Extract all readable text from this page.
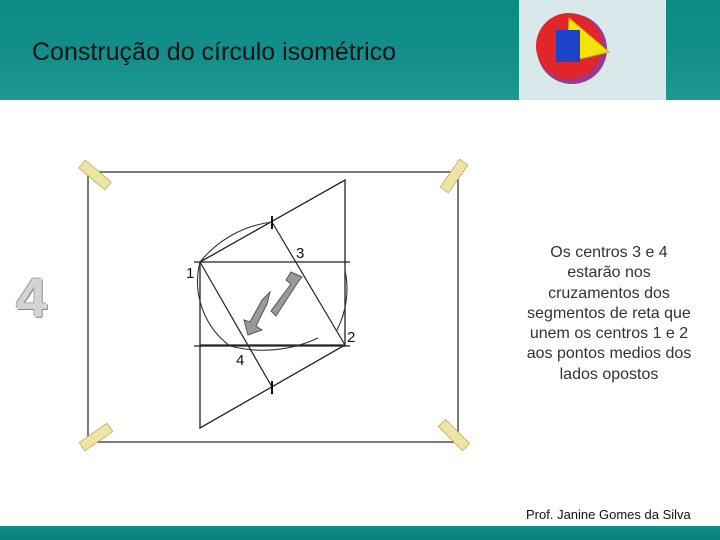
Construção do círculo isométrico
4	1
2
3
4
Os centros 3 e 4
estarão nos
cruzamentos dos
segmentos de reta que
unem os centros 1 e 2
aos pontos medios dos
lados opostos
Prof. Janine Gomes da Silva
